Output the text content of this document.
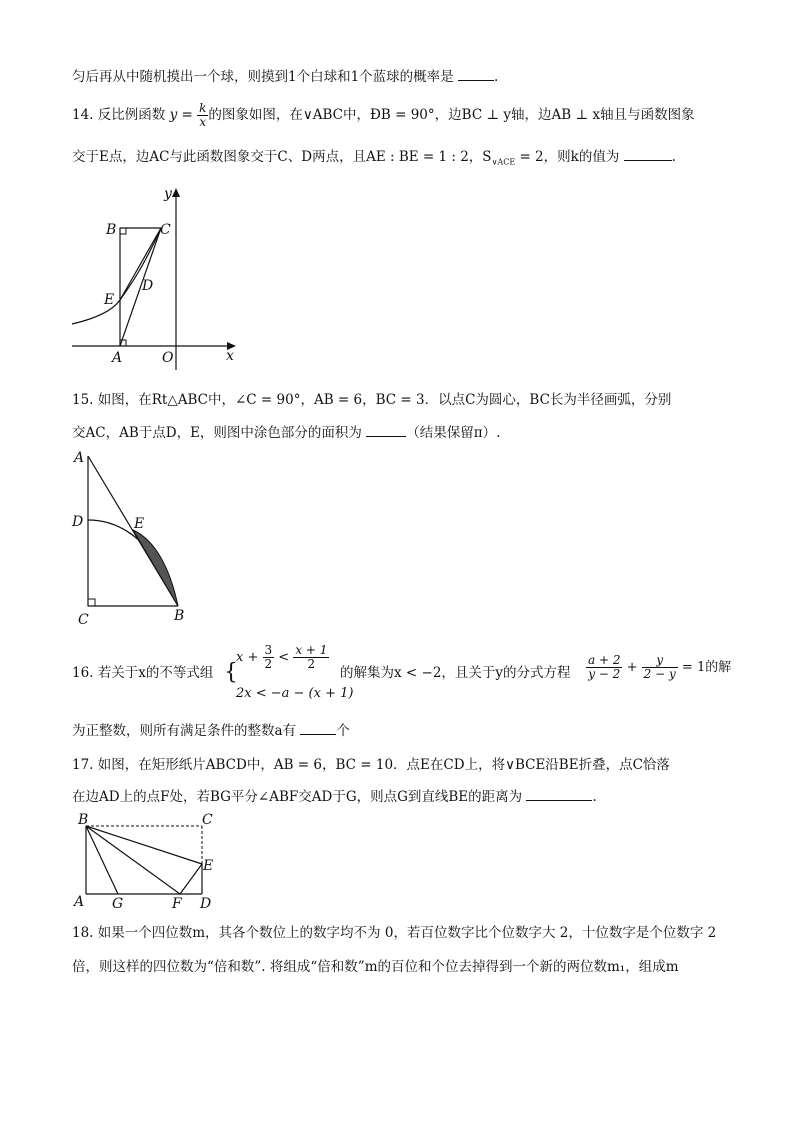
匀后再从中随机摸出一个球，则摸到1个白球和1个蓝球的概率是	.
14. 反比例函数 $y = \frac{k}{x}$ 的图象如图，在∨ABC中，ÐB = 90°，边BC ⊥ y轴，边AB ⊥ x轴且与函数图象
交于E点，边AC与此函数图象交于C、D两点，且AE : BE = 1 : 2，$S_{\vee ACE} = 2$，则k的值为	.
B	C
E
D
A	O	x
y
15. 如图，在Rt△ABC中，∠C = 90°，AB = 6，BC = 3．以点C为圆心，BC长为半径画弧，分别
交AC，AB于点D，E，则图中涂色部分的面积为	（结果保留π）.
A
D	E
C	B
16. 若关于x的不等式组 {
$x + \frac{3}{2} < \frac{x + 1}{2}$
2x < −a − (x + 1)
的解集为x < −2，且关于y的分式方程 $\frac{a + 2}{y - 2} + \frac{y}{2 - y} = 1$的解
为正整数，则所有满足条件的整数a有	个
17. 如图，在矩形纸片ABCD中，AB = 6，BC = 10．点E在CD上，将∨BCE沿BE折叠，点C恰落
在边AD上的点F处，若BG平分∠ABF交AD于G，则点G到直线BE的距离为	.
B	C
E
A G	F D
18. 如果一个四位数m，其各个数位上的数字均不为 0，若百位数字比个位数字大 2，十位数字是个位数字 2
倍，则这样的四位数为“倍和数”. 将组成“倍和数”m的百位和个位去掉得到一个新的两位数m₁，组成m
